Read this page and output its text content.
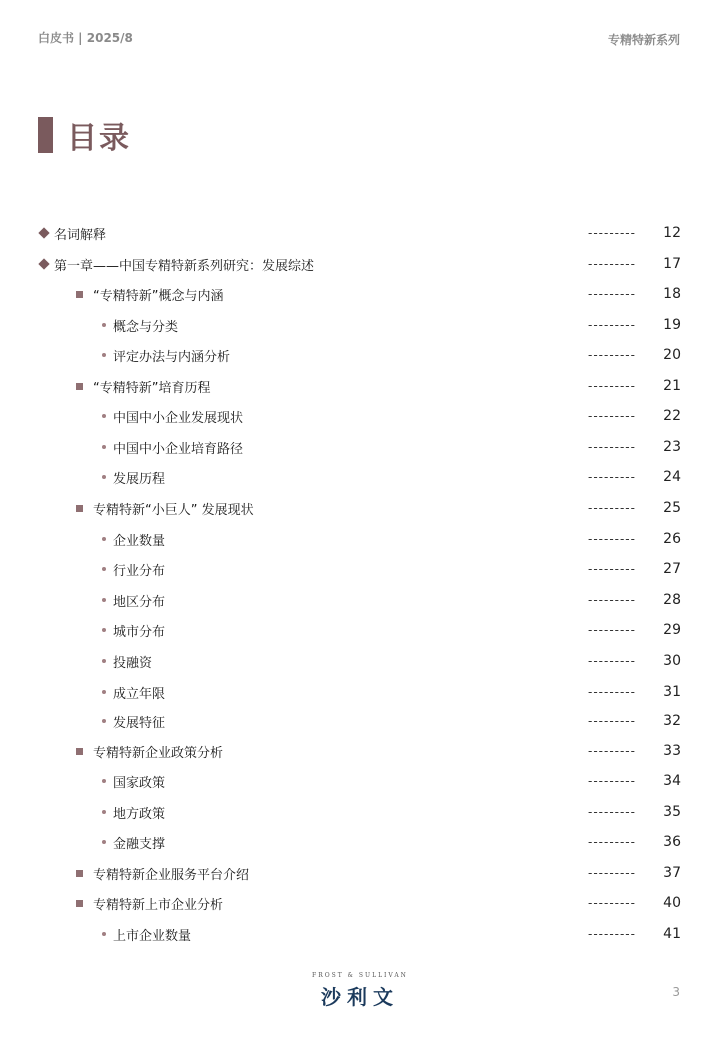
白皮书 | 2025/8	专精特新系列
目录
名词解释	--------- 12
第一章——中国专精特新系列研究：发展综述	--------- 17
“专精特新”概念与内涵	--------- 18
概念与分类	--------- 19
评定办法与内涵分析	--------- 20
“专精特新”培育历程	--------- 21
中国中小企业发展现状	--------- 22
中国中小企业培育路径	--------- 23
发展历程	--------- 24
专精特新“小巨人” 发展现状	--------- 25
企业数量	--------- 26
行业分布	--------- 27
地区分布	--------- 28
城市分布	--------- 29
投融资	--------- 30
成立年限	--------- 31
发展特征	--------- 32
专精特新企业政策分析	--------- 33
国家政策	--------- 34
地方政策	--------- 35
金融支撑	--------- 36
专精特新企业服务平台介绍	--------- 37
专精特新上市企业分析	--------- 40
上市企业数量	--------- 41
FROST & SULLIVAN
沙利文	3
